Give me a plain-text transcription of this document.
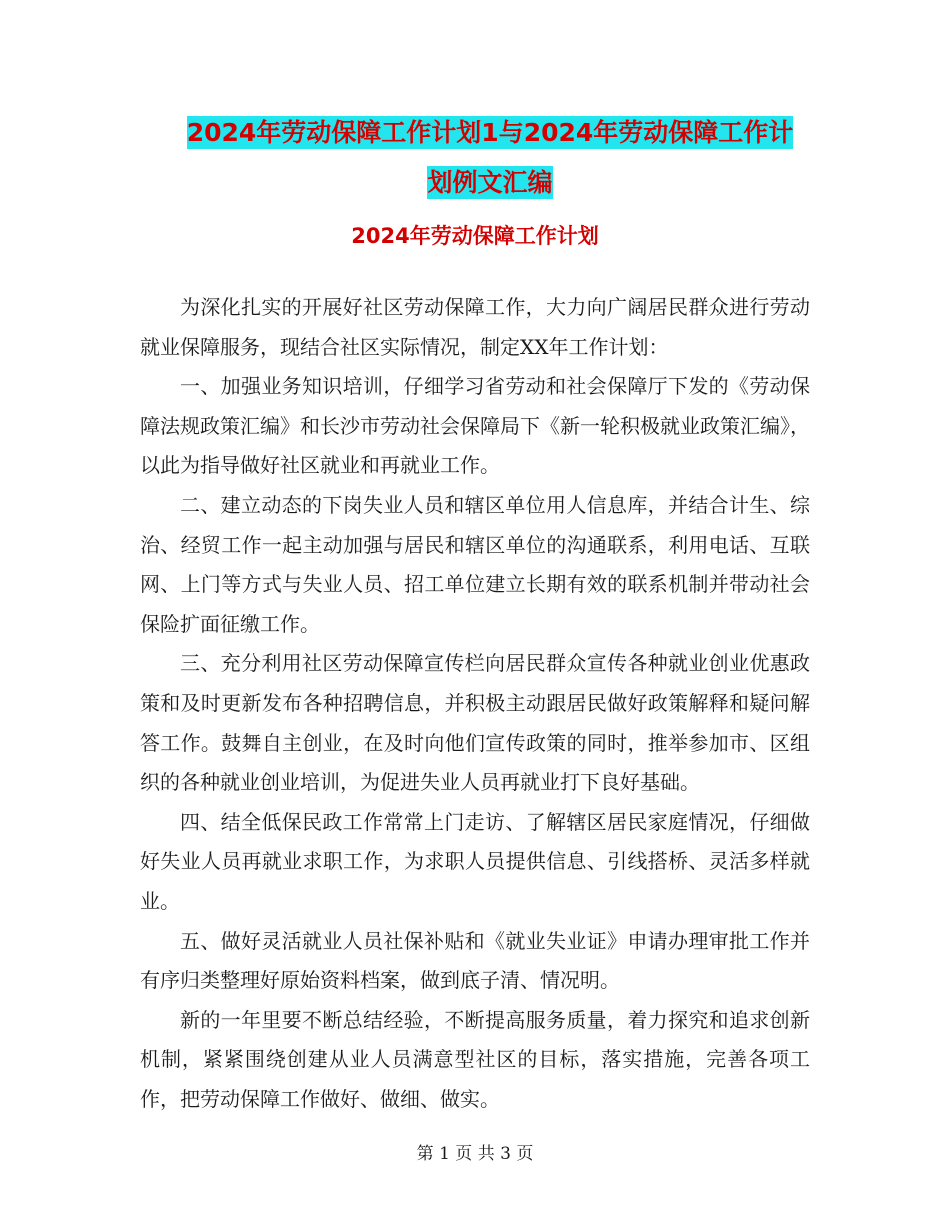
2024年劳动保障工作计划1与2024年劳动保障工作计
划例文汇编
2024年劳动保障工作计划

为深化扎实的开展好社区劳动保障工作，大力向广阔居民群众进行劳动就业保障服务，现结合社区实际情况，制定XX年工作计划：

一、加强业务知识培训，仔细学习省劳动和社会保障厅下发的《劳动保障法规政策汇编》和长沙市劳动社会保障局下《新一轮积极就业政策汇编》，以此为指导做好社区就业和再就业工作。

二、建立动态的下岗失业人员和辖区单位用人信息库，并结合计生、综治、经贸工作一起主动加强与居民和辖区单位的沟通联系，利用电话、互联网、上门等方式与失业人员、招工单位建立长期有效的联系机制并带动社会保险扩面征缴工作。

三、充分利用社区劳动保障宣传栏向居民群众宣传各种就业创业优惠政策和及时更新发布各种招聘信息，并积极主动跟居民做好政策解释和疑问解答工作。鼓舞自主创业，在及时向他们宣传政策的同时，推举参加市、区组织的各种就业创业培训，为促进失业人员再就业打下良好基础。

四、结全低保民政工作常常上门走访、了解辖区居民家庭情况，仔细做好失业人员再就业求职工作，为求职人员提供信息、引线搭桥、灵活多样就业。

五、做好灵活就业人员社保补贴和《就业失业证》申请办理审批工作并有序归类整理好原始资料档案，做到底子清、情况明。

新的一年里要不断总结经验，不断提高服务质量，着力探究和追求创新机制，紧紧围绕创建从业人员满意型社区的目标，落实措施，完善各项工作，把劳动保障工作做好、做细、做实。

第 1 页 共 3 页
